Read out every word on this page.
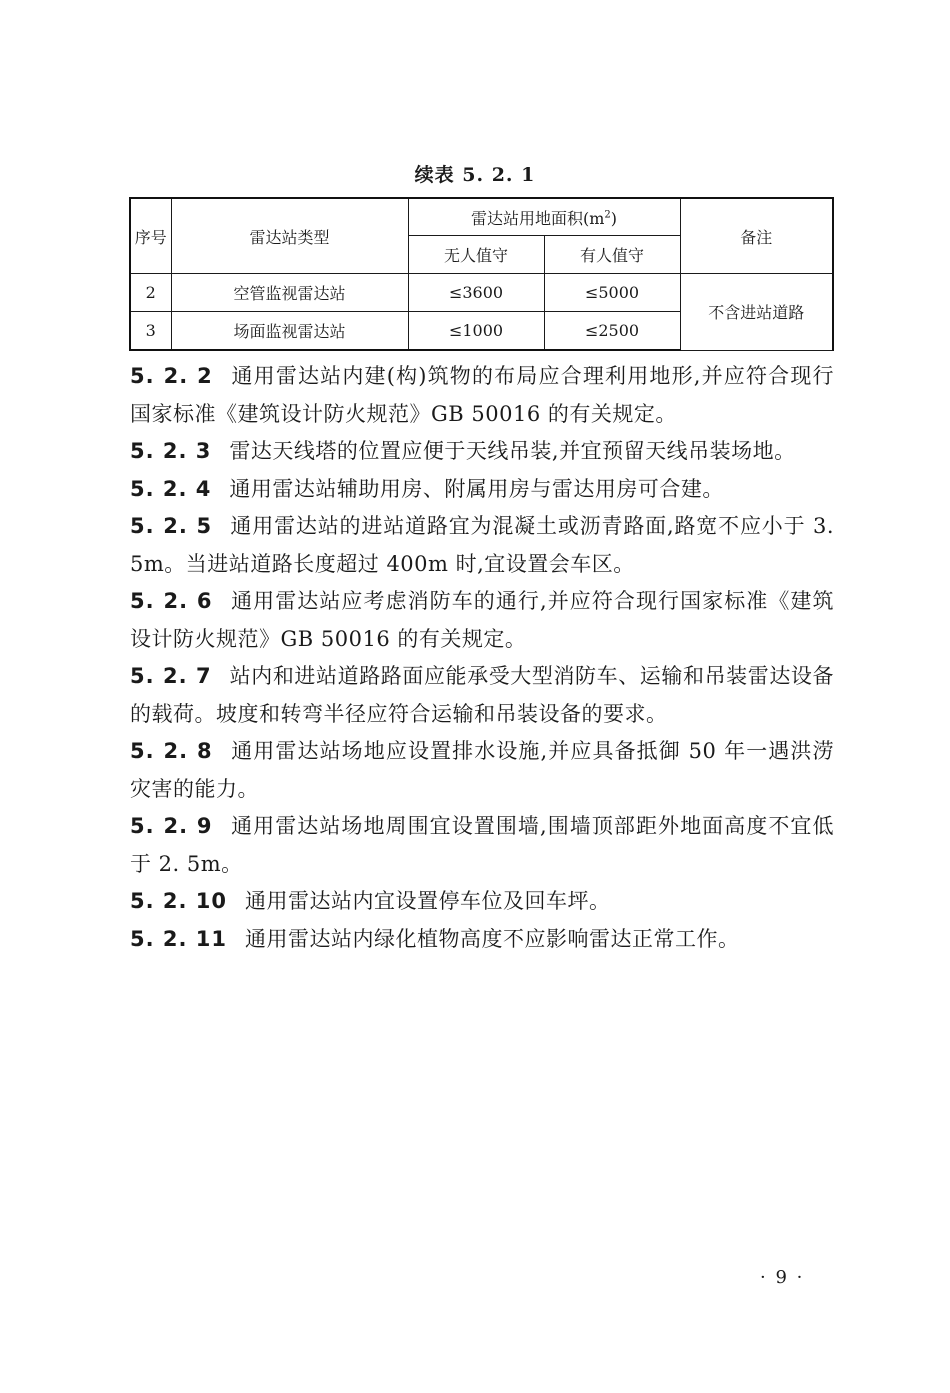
续表 5. 2. 1
序号	雷达站类型	雷达站用地面积$(m^2)$		备注
		无人值守	有人值守	
2	空管监视雷达站	≤3600	≤5000	不含进站道路
3	场面监视雷达站	≤1000	≤2500	

5. 2. 2 通用雷达站内建(构)筑物的布局应合理利用地形,并应符合现行国家标准《建筑设计防火规范》GB 50016 的有关规定。

5. 2. 3 雷达天线塔的位置应便于天线吊装,并宜预留天线吊装场地。

5. 2. 4 通用雷达站辅助用房、附属用房与雷达用房可合建。

5. 2. 5 通用雷达站的进站道路宜为混凝土或沥青路面,路宽不应小于 3. 5m。当进站道路长度超过 400m 时,宜设置会车区。

5. 2. 6 通用雷达站应考虑消防车的通行,并应符合现行国家标准《建筑设计防火规范》GB 50016 的有关规定。

5. 2. 7 站内和进站道路路面应能承受大型消防车、运输和吊装雷达设备的载荷。坡度和转弯半径应符合运输和吊装设备的要求。

5. 2. 8 通用雷达站场地应设置排水设施,并应具备抵御 50 年一遇洪涝灾害的能力。

5. 2. 9 通用雷达站场地周围宜设置围墙,围墙顶部距外地面高度不宜低于 2. 5m。

5. 2. 10 通用雷达站内宜设置停车位及回车坪。

5. 2. 11 通用雷达站内绿化植物高度不应影响雷达正常工作。

· 9 ·
